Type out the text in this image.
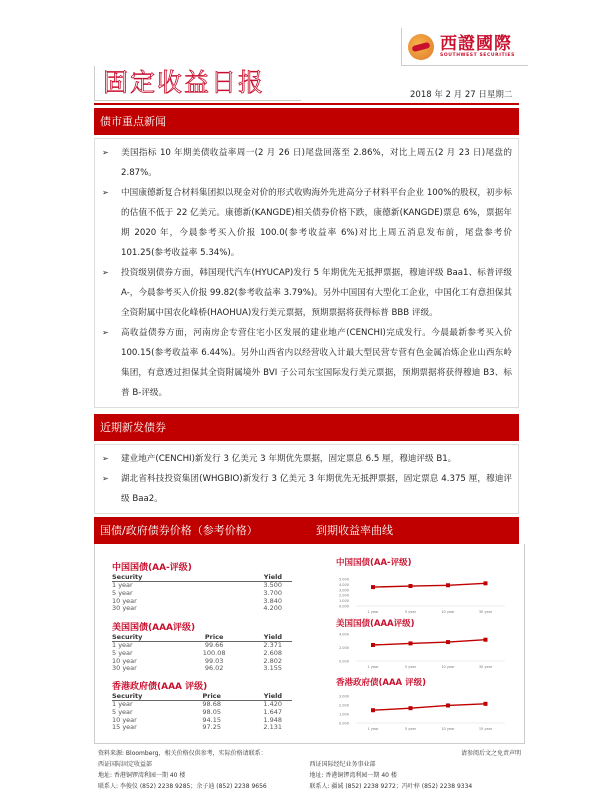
西證國際
SOUTHWEST SECURITIES
固定收益日报	2018 年 2 月 27 日星期二
债市重点新闻
➢ 美国指标 10 年期美债收益率周一(2 月 26 日)尾盘回落至 2.86%，对比上周五(2 月 23 日)尾盘的 2.87%。
➢ 中国康德新复合材料集团拟以现金对价的形式收购海外先进高分子材料平台企业 100%的股权，初步标的估值不低于 22 亿美元。康德新(KANGDE)相关债券价格下跌，康德新(KANGDE)票息 6%，票据年期 2020 年，今晨参考买入价报 100.0(参考收益率 6%)对比上周五消息发布前，尾盘参考价 101.25(参考收益率 5.34%)。
➢ 投资级别债券方面，韩国现代汽车(HYUCAP)发行 5 年期优先无抵押票据，穆迪评级 Baa1、标普评级 A-，今晨参考买入价报 99.82(参考收益率 3.79%)。另外中国国有大型化工企业，中国化工有意担保其全资附属中国农化峰桥(HAOHUA)发行美元票据，预期票据将获得标普 BBB 评级。
➢ 高收益债券方面，河南房企专营住宅小区发展的建业地产(CENCHI)完成发行。今晨最新参考买入价 100.15(参考收益率 6.44%)。另外山西省内以经营收入计最大型民营专营有色金属冶炼企业山西东岭集团，有意透过担保其全资附属境外 BVI 子公司东宝国际发行美元票据，预期票据将获得穆迪 B3、标普 B-评级。
近期新发债券
➢ 建业地产(CENCHI)新发行 3 亿美元 3 年期优先票据，固定票息 6.5 厘，穆迪评级 B1。
➢ 湖北省科技投资集团(WHGBIO)新发行 3 亿美元 3 年期优先无抵押票据，固定票息 4.375 厘，穆迪评级 Baa2。
国债/政府债券价格（参考价格）	到期收益率曲线
中国国债(AA-评级)
Security		Yield
1 year		3.500
5 year		3.700
10 year		3.840
30 year		4.200
美国国债(AAA评级)
Security	Price	Yield
1 year	99.66	2.371
5 year	100.08	2.608
10 year	99.03	2.802
30 year	96.02	3.155
香港政府债(AAA 评级)
Security	Price	Yield
1 year	98.68	1.420
5 year	98.05	1.647
10 year	94.15	1.948
15 year	97.25	2.131
中国国债(AA-评级)
5.000
4.000
3.000
2.000
1.000
0.000
1 year	5 year	10 year	30 year
美国国债(AAA评级)
4.000
2.000
0.000
1 year	5 year	10 year	30 year
香港政府债(AAA 评级)
3.000
2.000
1.000
0.000
1 year	5 year	10 year	15 year
资料来源: Bloomberg，相关价格仅供参考，实际价格请联系：	请参阅后文之免责声明
西证国际固定收益部
地址: 香港铜锣湾利园一期 40 楼
联系人: 李俊仪 (852) 2238 9285；余子迪 (852) 2238 9656
西证国际经纪业务事业部
地址: 香港铜锣湾利园一期 40 楼
联系人: 疆诚 (852) 2238 9272；冯叶梓 (852) 2238 9334
